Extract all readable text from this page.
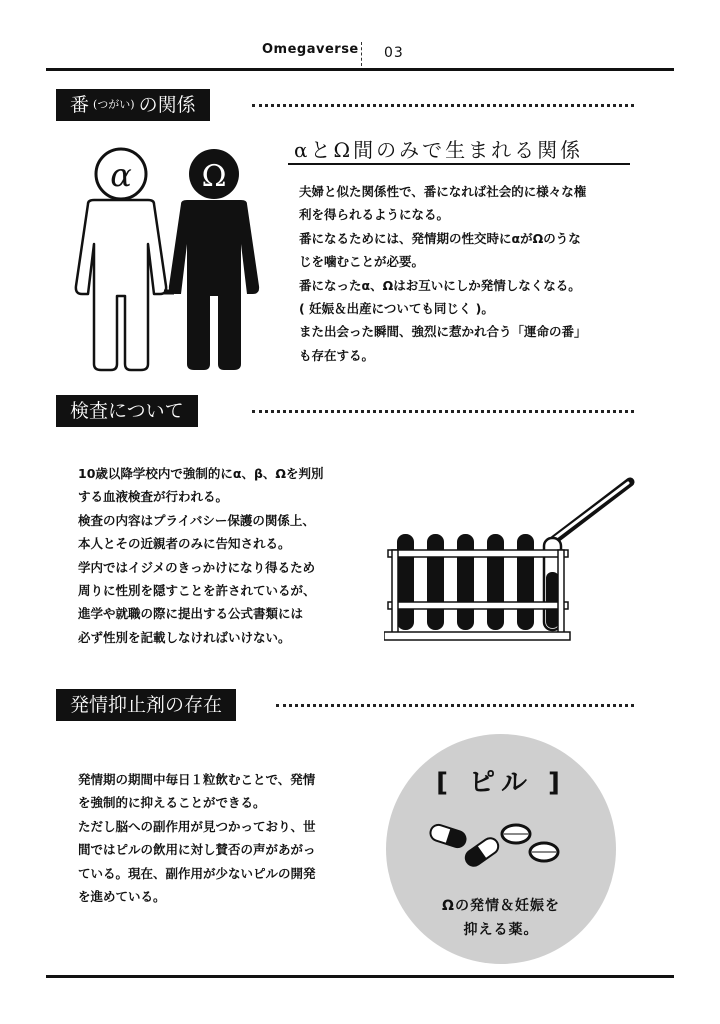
Omegaverse 03
番 (つがい) の関係
α Ω
αとΩ間のみで生まれる関係
夫婦と似た関係性で、番になれば社会的に様々な権
利を得られるようになる。
番になるためには、発情期の性交時にαがΩのうな
じを噛むことが必要。
番になったα、Ωはお互いにしか発情しなくなる。
( 妊娠＆出産についても同じく )。
また出会った瞬間、強烈に惹かれ合う「運命の番」
も存在する。
検査について
10歳以降学校内で強制的にα、β、Ωを判別
する血液検査が行われる。
検査の内容はプライバシー保護の関係上、
本人とその近親者のみに告知される。
学内ではイジメのきっかけになり得るため
周りに性別を隠すことを許されているが、
進学や就職の際に提出する公式書類には
必ず性別を記載しなければいけない。
発情抑止剤の存在
発情期の期間中毎日１粒飲むことで、発情
を強制的に抑えることができる。
ただし脳への副作用が見つかっており、世
間ではピルの飲用に対し賛否の声があがっ
ている。現在、副作用が少ないピルの開発
を進めている。
[ ピル ]
Ωの発情＆妊娠を
抑える薬。
